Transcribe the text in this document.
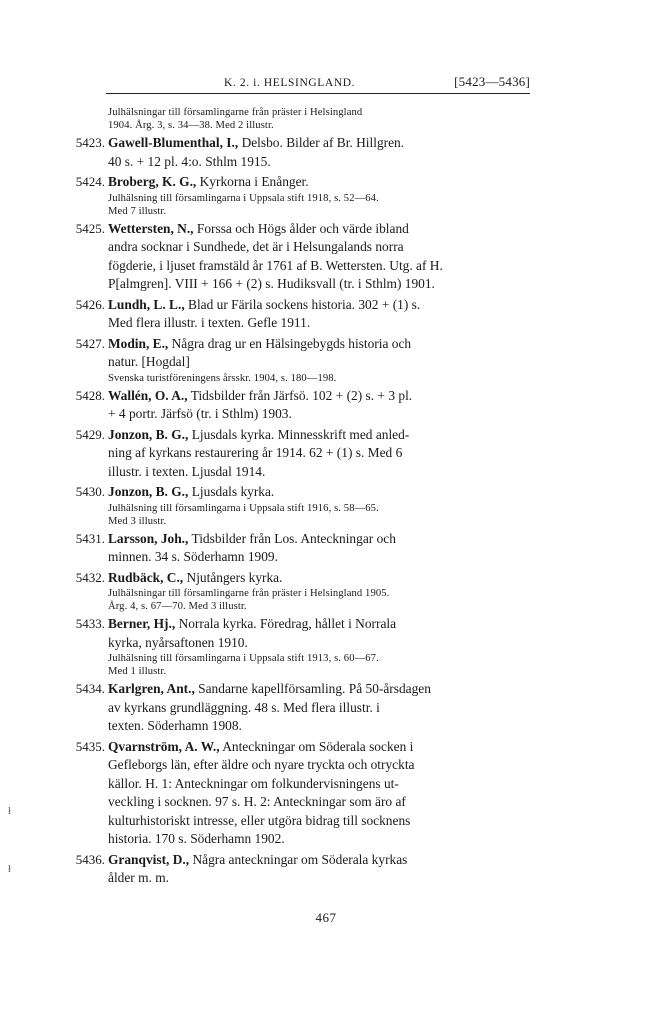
K. 2. i. HELSINGLAND.	[5423—5436]

Julhälsningar till församlingarne från präster i Helsingland

1904. Årg. 3, s. 34—38. Med 2 illustr.

5423. Gawell-Blumenthal, I., Delsbo. Bilder af Br. Hillgren.

40 s. + 12 pl. 4:o. Sthlm 1915.

5424. Broberg, K. G., Kyrkorna i Enånger.

Julhälsning till församlingarna i Uppsala stift 1918, s. 52—64.

Med 7 illustr.

5425. Wettersten, N., Forssa och Högs ålder och värde ibland

andra socknar i Sundhede, det är i Helsungalands norra

fögderie, i ljuset framstäld år 1761 af B. Wettersten. Utg. af H.

P[almgren]. VIII + 166 + (2) s. Hudiksvall (tr. i Sthlm) 1901.

5426. Lundh, L. L., Blad ur Färila sockens historia. 302 + (1) s.

Med flera illustr. i texten. Gefle 1911.

5427. Modin, E., Några drag ur en Hälsingebygds historia och

natur. [Hogdal]

Svenska turistföreningens årsskr. 1904, s. 180—198.

5428. Wallén, O. A., Tidsbilder från Järfsö. 102 + (2) s. + 3 pl.

+ 4 portr. Järfsö (tr. i Sthlm) 1903.

5429. Jonzon, B. G., Ljusdals kyrka. Minnesskrift med anled-

ning af kyrkans restaurering år 1914. 62 + (1) s. Med 6

illustr. i texten. Ljusdal 1914.

5430. Jonzon, B. G., Ljusdals kyrka.

Julhälsning till församlingarna i Uppsala stift 1916, s. 58—65.

Med 3 illustr.

5431. Larsson, Joh., Tidsbilder från Los. Anteckningar och

minnen. 34 s. Söderhamn 1909.

5432. Rudbäck, C., Njutångers kyrka.

Julhälsningar till församlingarne från präster i Helsingland 1905.

Årg. 4, s. 67—70. Med 3 illustr.

5433. Berner, Hj., Norrala kyrka. Föredrag, hållet i Norrala

kyrka, nyårsaftonen 1910.

Julhälsning till församlingarna i Uppsala stift 1913, s. 60—67.

Med 1 illustr.

5434. Karlgren, Ant., Sandarne kapellförsamling. På 50-årsdagen

av kyrkans grundläggning. 48 s. Med flera illustr. i

texten. Söderhamn 1908.

5435. Qvarnström, A. W., Anteckningar om Söderala socken i

Gefleborgs län, efter äldre och nyare tryckta och otryckta

källor. H. 1: Anteckningar om folkundervisningens ut-

veckling i socknen. 97 s. H. 2: Anteckningar som äro af

kulturhistoriskt intresse, eller utgöra bidrag till socknens

historia. 170 s. Söderhamn 1902.

5436. Granqvist, D., Några anteckningar om Söderala kyrkas

ålder m. m.

467
ł
ł
